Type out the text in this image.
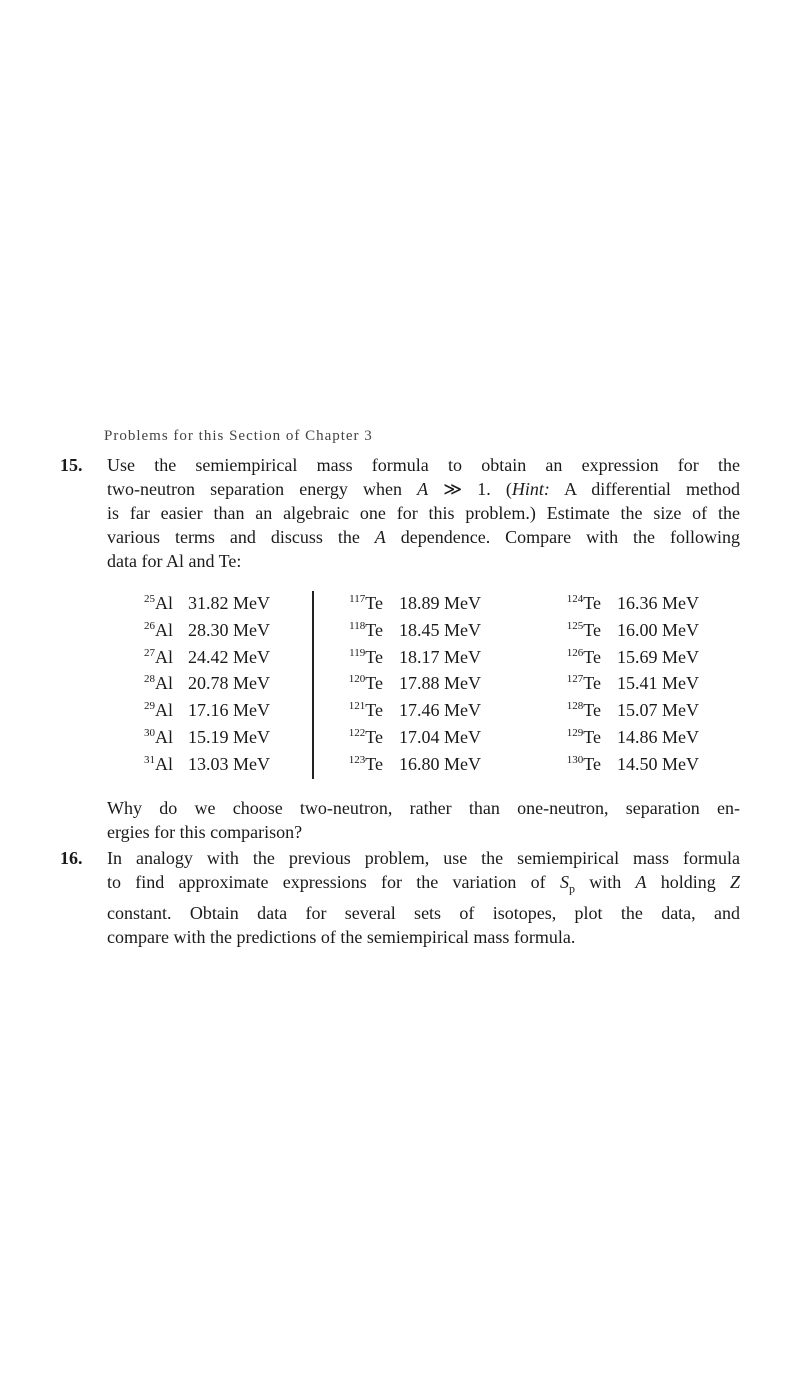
Problems for this Section of Chapter 3
15. Use the semiempirical mass formula to obtain an expression for the
two-neutron separation energy when A ≫ 1. (Hint: A differential method
is far easier than an algebraic one for this problem.) Estimate the size of the
various terms and discuss the A dependence. Compare with the following
data for Al and Te:
$^{25}$Al 31.82 MeV
$^{26}$Al 28.30 MeV
$^{27}$Al 24.42 MeV
$^{28}$Al 20.78 MeV
$^{29}$Al 17.16 MeV
$^{30}$Al 15.19 MeV
$^{31}$Al 13.03 MeV
$^{117}$Te 18.89 MeV
$^{118}$Te 18.45 MeV
$^{119}$Te 18.17 MeV
$^{120}$Te 17.88 MeV
$^{121}$Te 17.46 MeV
$^{122}$Te 17.04 MeV
$^{123}$Te 16.80 MeV
$^{124}$Te 16.36 MeV
$^{125}$Te 16.00 MeV
$^{126}$Te 15.69 MeV
$^{127}$Te 15.41 MeV
$^{128}$Te 15.07 MeV
$^{129}$Te 14.86 MeV
$^{130}$Te 14.50 MeV
Why do we choose two-neutron, rather than one-neutron, separation en-
ergies for this comparison?
16. In analogy with the previous problem, use the semiempirical mass formula
to find approximate expressions for the variation of $S_p$ with A holding Z
constant. Obtain data for several sets of isotopes, plot the data, and
compare with the predictions of the semiempirical mass formula.
